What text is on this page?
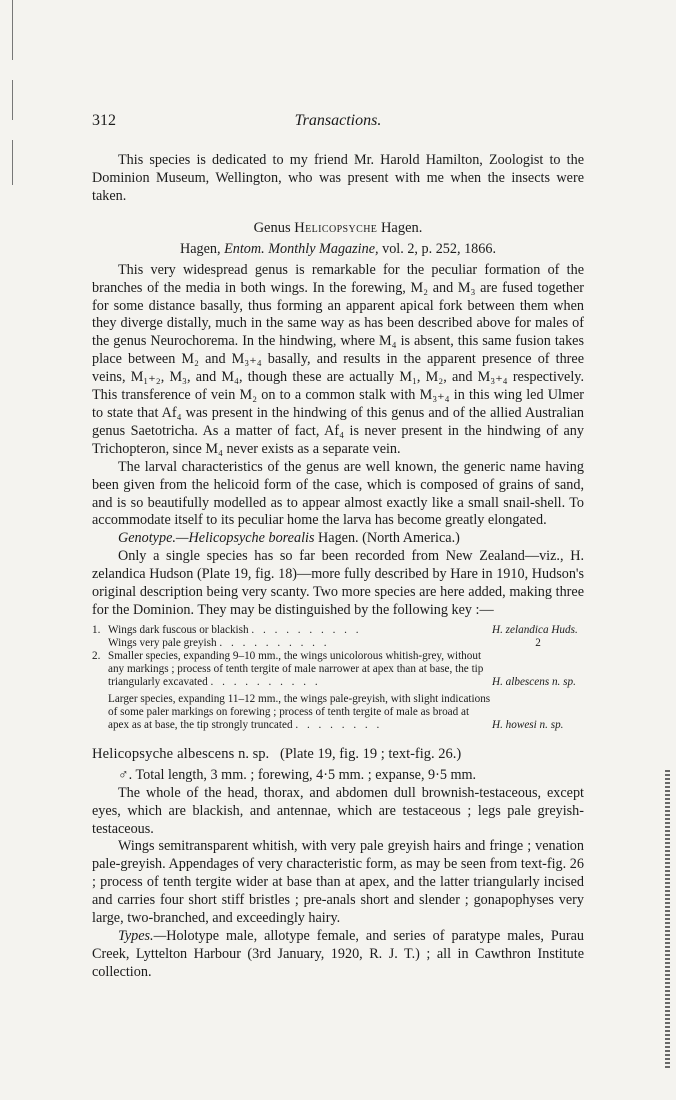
312	Transactions.

This species is dedicated to my friend Mr. Harold Hamilton, Zoologist to the Dominion Museum, Wellington, who was present with me when the insects were taken.

Genus Helicopsyche Hagen.
Hagen, Entom. Monthly Magazine, vol. 2, p. 252, 1866.

This very widespread genus is remarkable for the peculiar formation of the branches of the media in both wings. In the forewing, M₂ and M₃ are fused together for some distance basally, thus forming an apparent apical fork between them when they diverge distally, much in the same way as has been described above for males of the genus Neurochorema. In the hindwing, where M₄ is absent, this same fusion takes place between M₂ and M₃₊₄ basally, and results in the apparent presence of three veins, M₁₊₂, M₃, and M₄, though these are actually M₁, M₂, and M₃₊₄ respectively. This transference of vein M₂ on to a common stalk with M₃₊₄ in this wing led Ulmer to state that Af₄ was present in the hindwing of this genus and of the allied Australian genus Saetotricha. As a matter of fact, Af₄ is never present in the hindwing of any Trichopteron, since M₄ never exists as a separate vein.

The larval characteristics of the genus are well known, the generic name having been given from the helicoid form of the case, which is composed of grains of sand, and is so beautifully modelled as to appear almost exactly like a small snail-shell. To accommodate itself to its peculiar home the larva has become greatly elongated.

Genotype.—Helicopsyche borealis Hagen. (North America.)

Only a single species has so far been recorded from New Zealand—viz., H. zelandica Hudson (Plate 19, fig. 18)—more fully described by Hare in 1910, Hudson's original description being very scanty. Two more species are here added, making three for the Dominion. They may be distinguished by the following key :—

1. Wings dark fuscous or blackish . . . . . . . . . .	H. zelandica Huds.
Wings very pale greyish . . . . . . . . . .	2
2. Smaller species, expanding 9–10 mm., the wings unicolorous whitish-grey, without any markings ; process of tenth tergite of male narrower at apex than at base, the tip triangularly excavated . . . . . . . . . .	H. albescens n. sp.
Larger species, expanding 11–12 mm., the wings pale-greyish, with slight indications of some paler markings on forewing ; process of tenth tergite of male as broad at apex as at base, the tip strongly truncated . . . . . . . .	H. howesi n. sp.
Helicopsyche albescens n. sp. (Plate 19, fig. 19 ; text-fig. 26.)

♂. Total length, 3 mm. ; forewing, 4·5 mm. ; expanse, 9·5 mm.

The whole of the head, thorax, and abdomen dull brownish-testaceous, except eyes, which are blackish, and antennae, which are testaceous ; legs pale greyish-testaceous.

Wings semitransparent whitish, with very pale greyish hairs and fringe ; venation pale-greyish. Appendages of very characteristic form, as may be seen from text-fig. 26 ; process of tenth tergite wider at base than at apex, and the latter triangularly incised and carries four short stiff bristles ; pre-anals short and slender ; gonapophyses very large, two-branched, and exceedingly hairy.

Types.—Holotype male, allotype female, and series of paratype males, Purau Creek, Lyttelton Harbour (3rd January, 1920, R. J. T.) ; all in Cawthron Institute collection.
